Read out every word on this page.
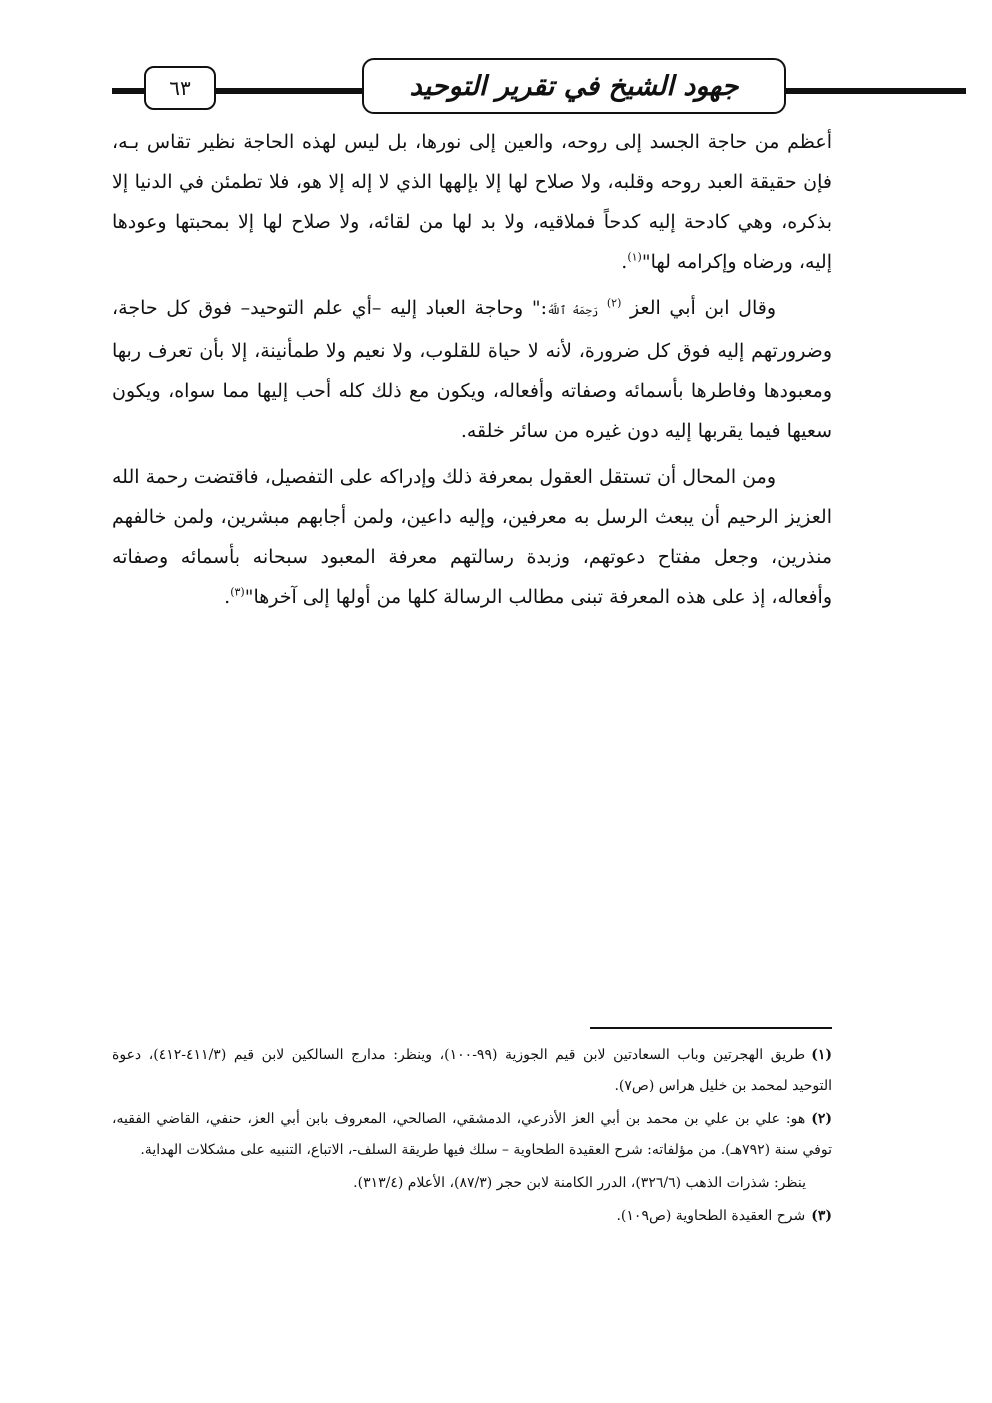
٦٣	جهود الشيخ في تقرير التوحيد

أعظم من حاجة الجسد إلى روحه، والعين إلى نورها، بل ليس لهذه الحاجة نظير تقاس بـه، فإن حقيقة العبد روحه وقلبه، ولا صلاح لها إلا بإلهها الذي لا إله إلا هو، فلا تطمئن في الدنيا إلا بذكره، وهي كادحة إليه كدحاً فملاقيه، ولا بد لها من لقائه، ولا صلاح لها إلا بمحبتها وعودها إليه، ورضاه وإكرامه لها"$^{(١)}$.

وقال ابن أبي العز $^{(٢)}$ رَحِمَهُ ٱللَّهُ:" وحاجة العباد إليه –أي علم التوحيد– فوق كل حاجة، وضرورتهم إليه فوق كل ضرورة، لأنه لا حياة للقلوب، ولا نعيم ولا طمأنينة، إلا بأن تعرف ربها ومعبودها وفاطرها بأسمائه وصفاته وأفعاله، ويكون مع ذلك كله أحب إليها مما سواه، ويكون سعيها فيما يقربها إليه دون غيره من سائر خلقه.

ومن المحال أن تستقل العقول بمعرفة ذلك وإدراكه على التفصيل، فاقتضت رحمة الله العزيز الرحيم أن يبعث الرسل به معرفين، وإليه داعين، ولمن أجابهم مبشرين، ولمن خالفهم منذرين، وجعل مفتاح دعوتهم، وزبدة رسالتهم معرفة المعبود سبحانه بأسمائه وصفاته وأفعاله، إذ على هذه المعرفة تبنى مطالب الرسالة كلها من أولها إلى آخرها"$^{(٣)}$.

(١)طريق الهجرتين وباب السعادتين لابن قيم الجوزية (٩٩-١٠٠)، وينظر: مدارج السالكين لابن قيم (٤١١/٣-٤١٢)، دعوة التوحيد لمحمد بن خليل هراس (ص٧).
(٢)هو: علي بن علي بن محمد بن أبي العز الأذرعي، الدمشقي، الصالحي، المعروف بابن أبي العز، حنفي، القاضي الفقيه، توفي سنة (٧٩٢هـ). من مؤلفاته: شرح العقيدة الطحاوية – سلك فيها طريقة السلف-، الاتباع، التنبيه على مشكلات الهداية.
ينظر: شذرات الذهب (٣٢٦/٦)، الدرر الكامنة لابن حجر (٨٧/٣)، الأعلام (٣١٣/٤).
(٣)شرح العقيدة الطحاوية (ص١٠٩).
